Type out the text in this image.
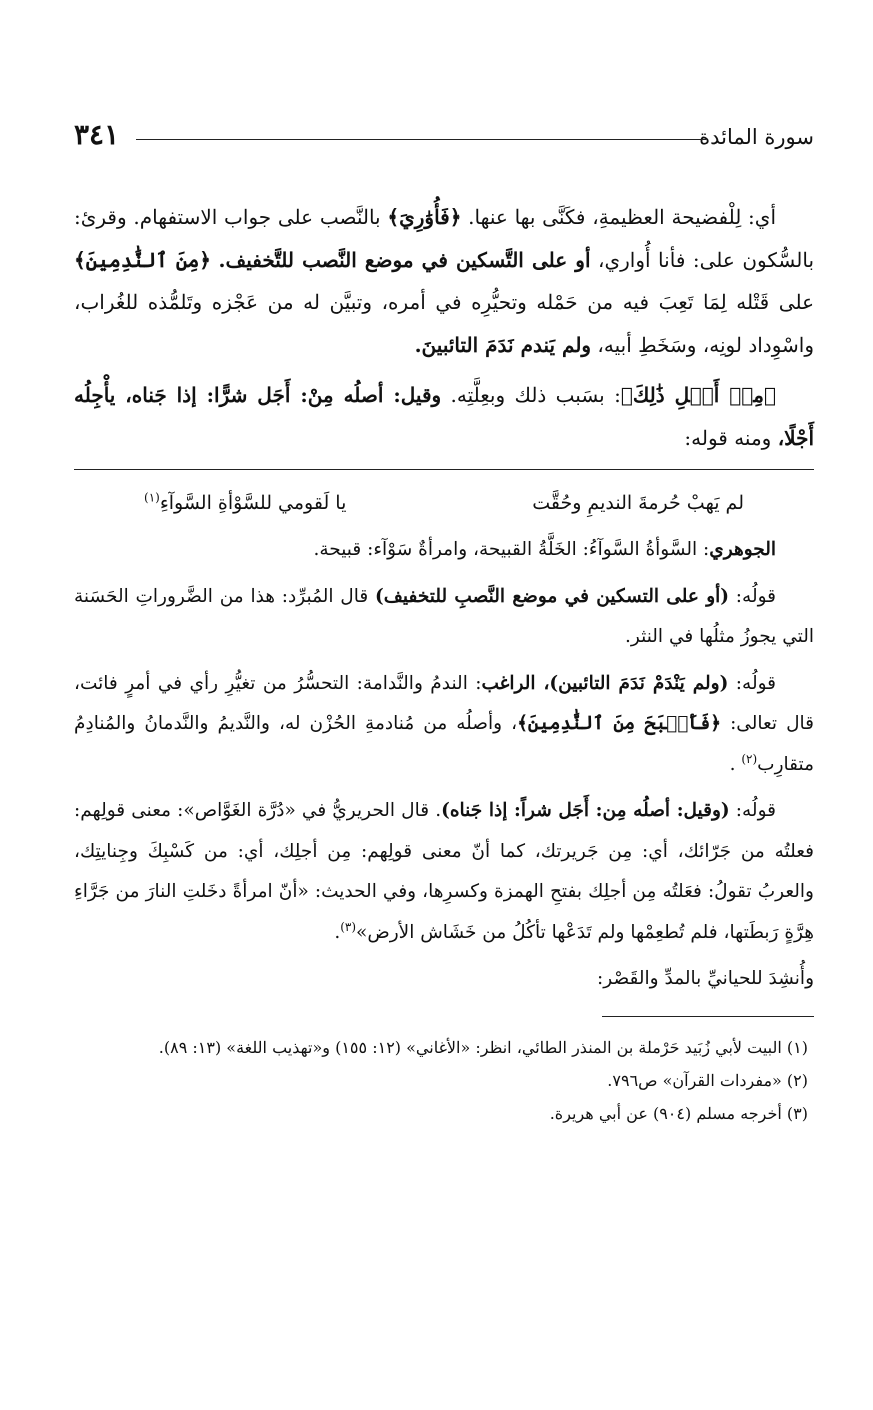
سورة المائدة
٣٤١

أي: لِلْفضيحة العظيمةِ، فكَنَّى بها عنها. ﴿فَأُوَٰرِيَ﴾ بالنَّصب على جواب الاستفهام. وقرئ: بالسُّكون على: فأنا أُواري، أو على التَّسكين في موضع النَّصب للتَّخفيف. ﴿مِنَ ٱلنَّٰدِمِينَ﴾ على قَتْله لِمَا تَعِبَ فيه من حَمْله وتحيُّرِه في أمره، وتبيَّن له من عَجْزه وتَلمُّذه للغُراب، واسْوِداد لونِه، وسَخَطِ أبيه، ولم يَندم نَدَمَ التائبينَ.

﴿مِنۡ أَجۡلِ ذَٰلِكَ﴾: بسَبب ذلك وبعِلَّتِه. وقيل: أصلُه مِنْ: أَجَل شرًّا: إذا جَناه، يأْجِلُه أَجْلًا، ومنه قوله:

لم يَهبْ حُرمةَ النديمِ وحُقَّت
يا لَقومي للسَّوْأةِ السَّوآءِ$^{(١)}$

الجوهري: السَّوأةُ السَّوآءُ: الخَلَّةُ القبيحة، وامرأةٌ سَوْآء: قبيحة.

قولُه: (أو على التسكين في موضع النَّصبِ للتخفيف) قال المُبرِّد: هذا من الضَّروراتِ الحَسَنة التي يجوزُ مثلُها في النثر.

قولُه: (ولم يَنْدَمْ نَدَمَ التائبين)، الراغب: الندمُ والنَّدامة: التحسُّرُ من تغيُّرِ رأي في أمرٍ فائت، قال تعالى: ﴿فَأَصۡبَحَ مِنَ ٱلنَّٰدِمِينَ﴾، وأصلُه من مُنادمةِ الحُزْن له، والنَّديمُ والنَّدمانُ والمُنادِمُ متقارِب$^{(٢)}$ .

قولُه: (وقيل: أصلُه مِن: أَجَل شراً: إذا جَناه). قال الحريريُّ في «دُرَّة الغَوَّاص»: معنى قولِهم: فعلتُه من جَرّائك، أي: مِن جَريرتك، كما أنّ معنى قولِهم: مِن أجلِك، أي: من كَسْبِكَ وجِنايتِك، والعربُ تقولُ: فعَلتُه مِن أجلِك بفتحِ الهمزة وكسرِها، وفي الحديث: «أنّ امرأةً دخَلتِ النارَ من جَرَّاءِ هِرَّةٍ رَبطَتها، فلم تُطعِمْها ولم تَدَعْها تأكُلُ من خَشَاش الأرض»$^{(٣)}$.

وأُنشِدَ للحيانيِّ بالمدِّ والقَصْر:

(١) البيت لأبي زُبَيد حَرْملة بن المنذر الطائي، انظر: «الأغاني» (١٢: ١٥٥) و«تهذيب اللغة» (١٣: ٨٩).
(٢) «مفردات القرآن» ص٧٩٦.
(٣) أخرجه مسلم (٩٠٤) عن أبي هريرة.
